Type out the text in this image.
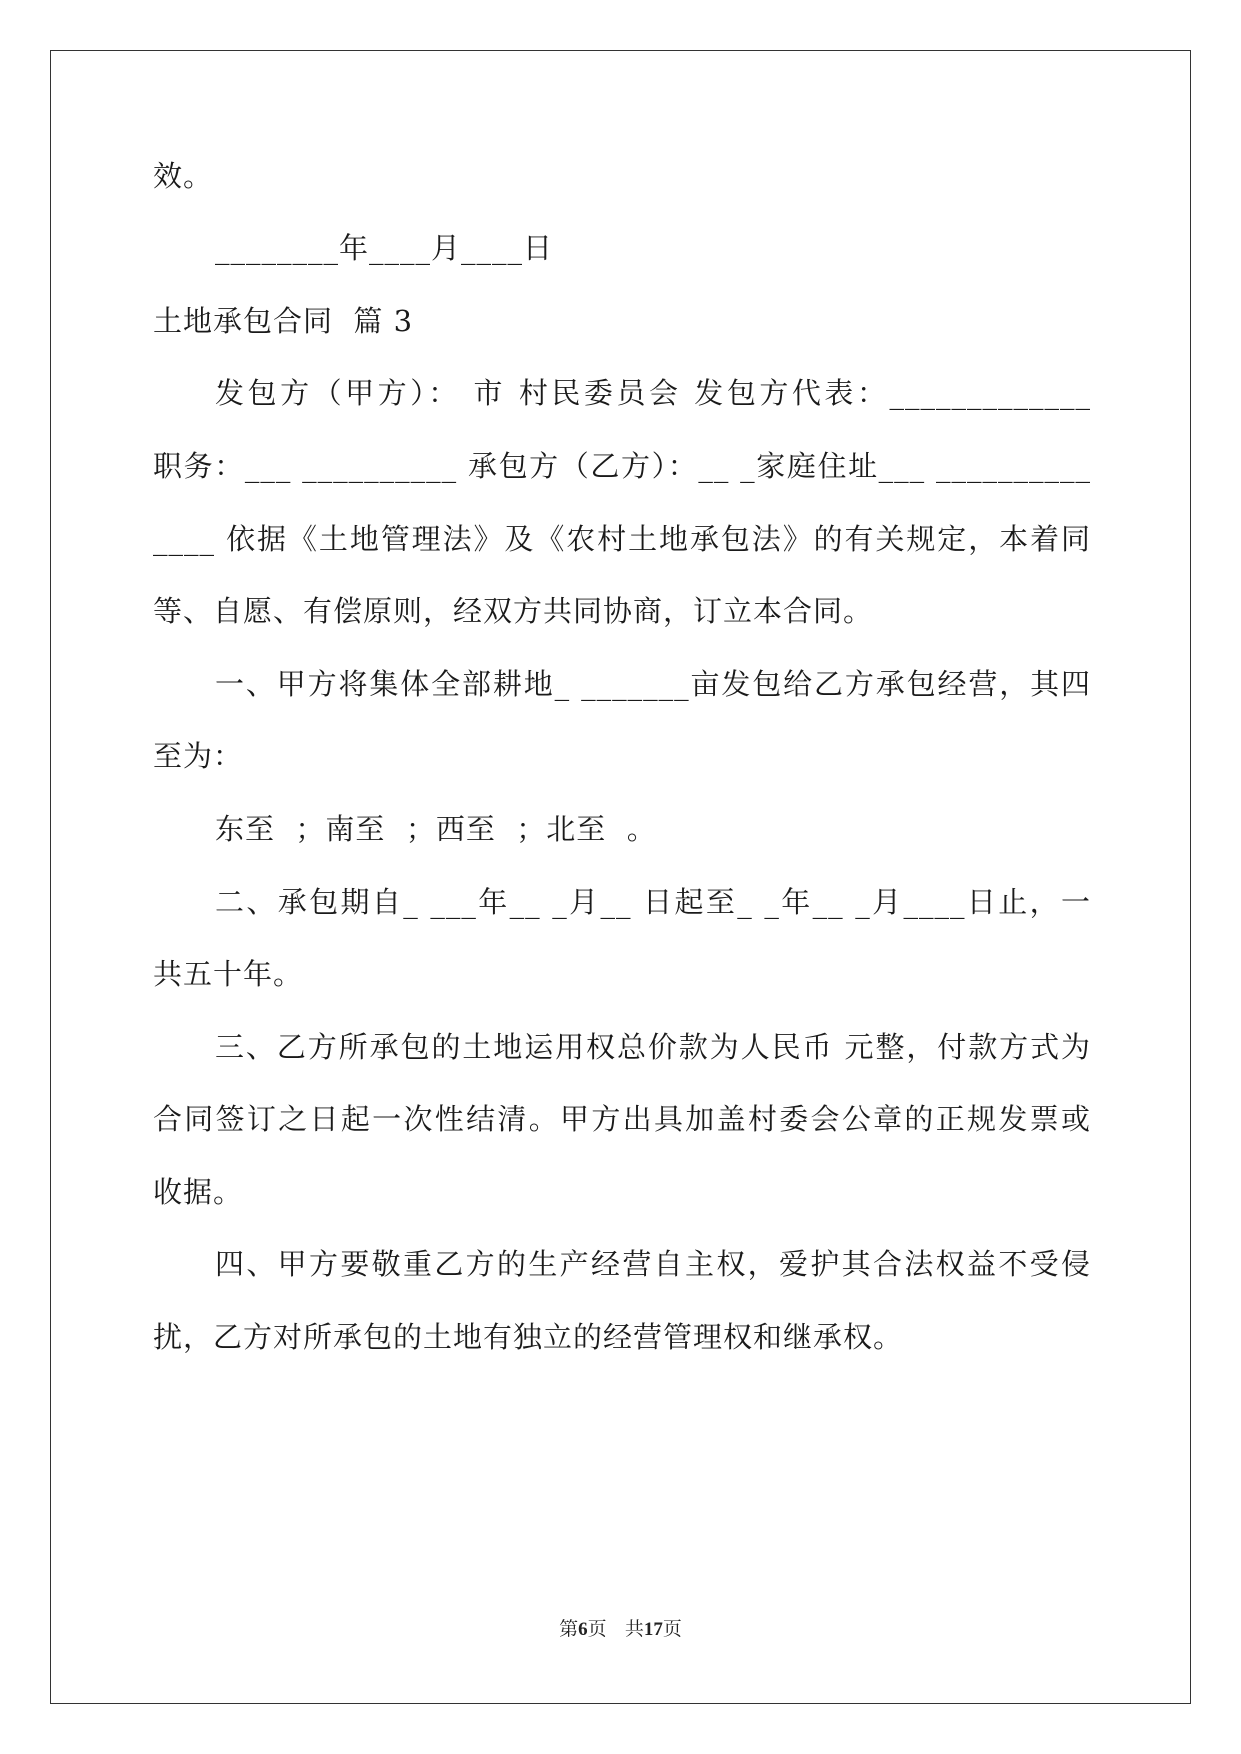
效。
________年____月____日
土地承包合同  篇 3
发包方（甲方）： 市 村民委员会 发包方代表：_____________
职务：___ __________ 承包方（乙方）：__ _家庭住址___ __________
____ 依据《土地管理法》及《农村土地承包法》的有关规定，本着同
等、自愿、有偿原则，经双方共同协商，订立本合同。
一、甲方将集体全部耕地_ _______亩发包给乙方承包经营，其四
至为：
东至  ；南至  ；西至  ；北至  。
二、承包期自_ ___年__ _月__ 日起至_ _年__ _月____日止，一
共五十年。
三、乙方所承包的土地运用权总价款为人民币 元整，付款方式为
合同签订之日起一次性结清。甲方出具加盖村委会公章的正规发票或
收据。
四、甲方要敬重乙方的生产经营自主权，爱护其合法权益不受侵
扰，乙方对所承包的土地有独立的经营管理权和继承权。
第6页 共17页
